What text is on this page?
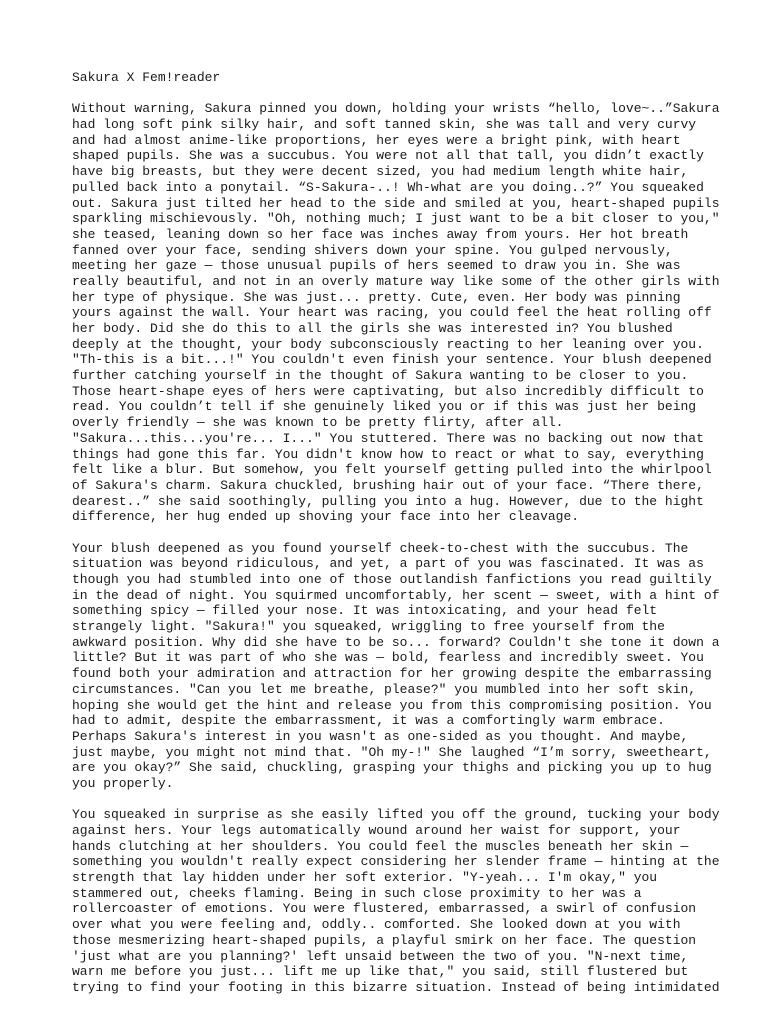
Sakura X Fem!reader
Without warning, Sakura pinned you down, holding your wrists “hello, love~..”Sakura
had long soft pink silky hair, and soft tanned skin, she was tall and very curvy
and had almost anime-like proportions, her eyes were a bright pink, with heart
shaped pupils. She was a succubus. You were not all that tall, you didn’t exactly
have big breasts, but they were decent sized, you had medium length white hair,
pulled back into a ponytail. “S-Sakura-..! Wh-what are you doing..?” You squeaked
out. Sakura just tilted her head to the side and smiled at you, heart-shaped pupils
sparkling mischievously. "Oh, nothing much; I just want to be a bit closer to you,"
she teased, leaning down so her face was inches away from yours. Her hot breath
fanned over your face, sending shivers down your spine. You gulped nervously,
meeting her gaze — those unusual pupils of hers seemed to draw you in. She was
really beautiful, and not in an overly mature way like some of the other girls with
her type of physique. She was just... pretty. Cute, even. Her body was pinning
yours against the wall. Your heart was racing, you could feel the heat rolling off
her body. Did she do this to all the girls she was interested in? You blushed
deeply at the thought, your body subconsciously reacting to her leaning over you.
"Th-this is a bit...!" You couldn't even finish your sentence. Your blush deepened
further catching yourself in the thought of Sakura wanting to be closer to you.
Those heart-shape eyes of hers were captivating, but also incredibly difficult to
read. You couldn’t tell if she genuinely liked you or if this was just her being
overly friendly — she was known to be pretty flirty, after all.
"Sakura...this...you're... I..." You stuttered. There was no backing out now that
things had gone this far. You didn't know how to react or what to say, everything
felt like a blur. But somehow, you felt yourself getting pulled into the whirlpool
of Sakura's charm. Sakura chuckled, brushing hair out of your face. “There there,
dearest..” she said soothingly, pulling you into a hug. However, due to the hight
difference, her hug ended up shoving your face into her cleavage.
Your blush deepened as you found yourself cheek-to-chest with the succubus. The
situation was beyond ridiculous, and yet, a part of you was fascinated. It was as
though you had stumbled into one of those outlandish fanfictions you read guiltily
in the dead of night. You squirmed uncomfortably, her scent — sweet, with a hint of
something spicy — filled your nose. It was intoxicating, and your head felt
strangely light. "Sakura!" you squeaked, wriggling to free yourself from the
awkward position. Why did she have to be so... forward? Couldn't she tone it down a
little? But it was part of who she was — bold, fearless and incredibly sweet. You
found both your admiration and attraction for her growing despite the embarrassing
circumstances. "Can you let me breathe, please?" you mumbled into her soft skin,
hoping she would get the hint and release you from this compromising position. You
had to admit, despite the embarrassment, it was a comfortingly warm embrace.
Perhaps Sakura's interest in you wasn't as one-sided as you thought. And maybe,
just maybe, you might not mind that. "Oh my-!" She laughed “I’m sorry, sweetheart,
are you okay?” She said, chuckling, grasping your thighs and picking you up to hug
you properly.
You squeaked in surprise as she easily lifted you off the ground, tucking your body
against hers. Your legs automatically wound around her waist for support, your
hands clutching at her shoulders. You could feel the muscles beneath her skin —
something you wouldn't really expect considering her slender frame — hinting at the
strength that lay hidden under her soft exterior. "Y-yeah... I'm okay," you
stammered out, cheeks flaming. Being in such close proximity to her was a
rollercoaster of emotions. You were flustered, embarrassed, a swirl of confusion
over what you were feeling and, oddly.. comforted. She looked down at you with
those mesmerizing heart-shaped pupils, a playful smirk on her face. The question
'just what are you planning?' left unsaid between the two of you. "N-next time,
warn me before you just... lift me up like that," you said, still flustered but
trying to find your footing in this bizarre situation. Instead of being intimidated
